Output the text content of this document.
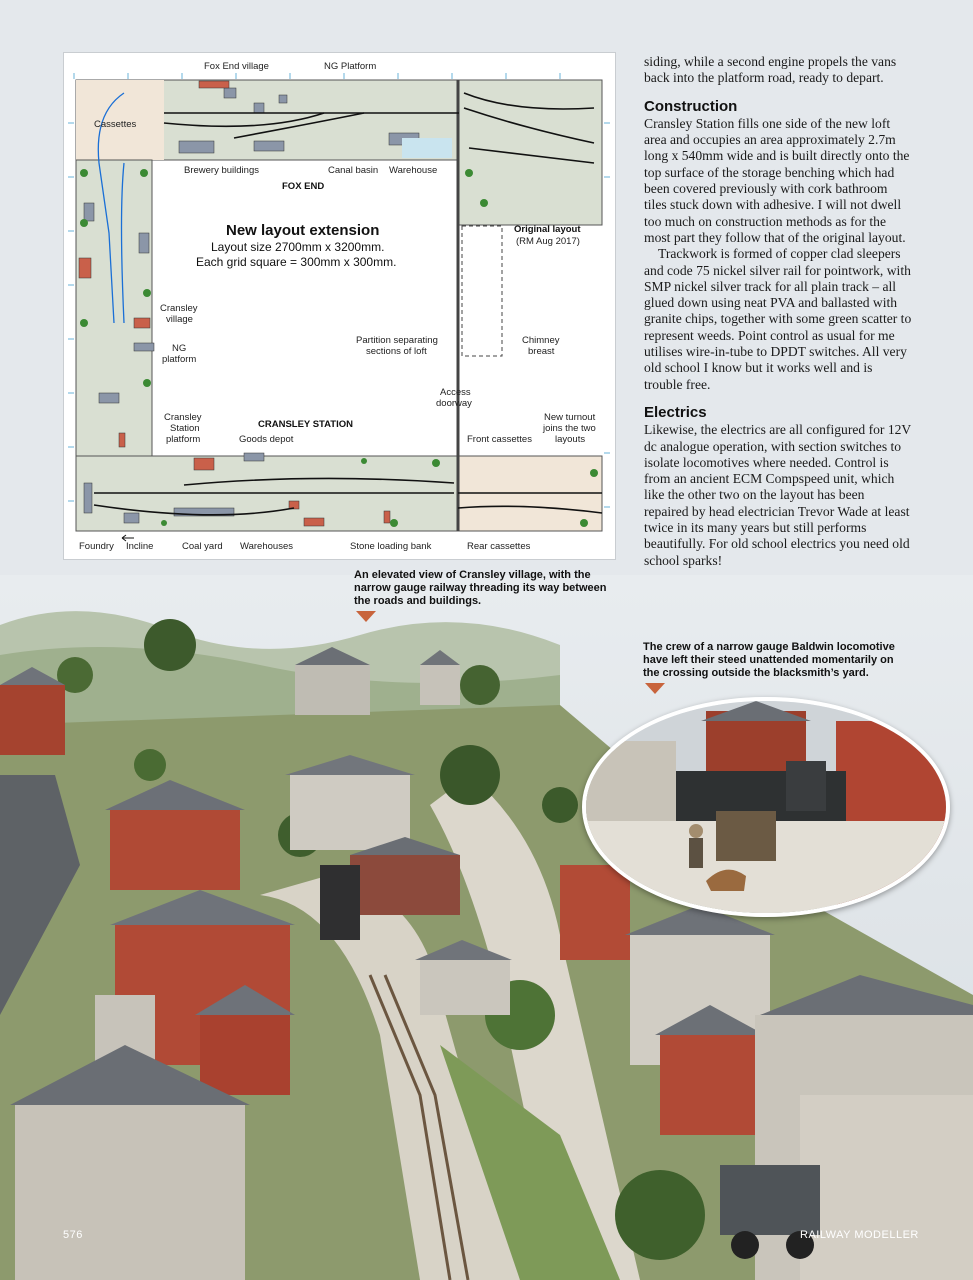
Fox End village	NG Platform
Cassettes
Brewery buildings	Canal basin Warehouse
FOX END
Original layout
(RM Aug 2017)
New layout extension
Layout size 2700mm x 3200mm.
Each grid square = 300mm x 300mm.
Cransley
village
NG
platform
Partition separating
sections of loft
Chimney
breast
Access
doorway
Cransley
Station
platform
CRANSLEY STATION
New turnout
joins the two
layouts
Goods depot	Front cassettes
Foundry Incline	Coal yard Warehouses	Stone loading bank	Rear cassettes

siding, while a second engine propels the vans back into the platform road, ready to depart.

Construction

Cransley Station fills one side of the new loft area and occupies an area approximately 2.7m long x 540mm wide and is built directly onto the top surface of the storage benching which had been covered previously with cork bathroom tiles stuck down with adhesive. I will not dwell too much on construction methods as for the most part they follow that of the original layout.

Trackwork is formed of copper clad sleepers and code 75 nickel silver rail for pointwork, with SMP nickel silver track for all plain track – all glued down using neat PVA and ballasted with granite chips, together with some green scatter to represent weeds. Point control as usual for me utilises wire-in-tube to DPDT switches. All very old school I know but it works well and is trouble free.

Electrics

Likewise, the electrics are all configured for 12V dc analogue operation, with section switches to isolate locomotives where needed. Control is from an ancient ECM Compspeed unit, which like the other two on the layout has been repaired by head electrician Trevor Wade at least twice in its many years but still performs beautifully. For old school electrics you need old school sparks!

An elevated view of Cransley village, with the narrow gauge railway threading its way between the roads and buildings.
The crew of a narrow gauge Baldwin locomotive have left their steed unattended momentarily on the crossing outside the blacksmith’s yard.
576	RAILWAY MODELLER
